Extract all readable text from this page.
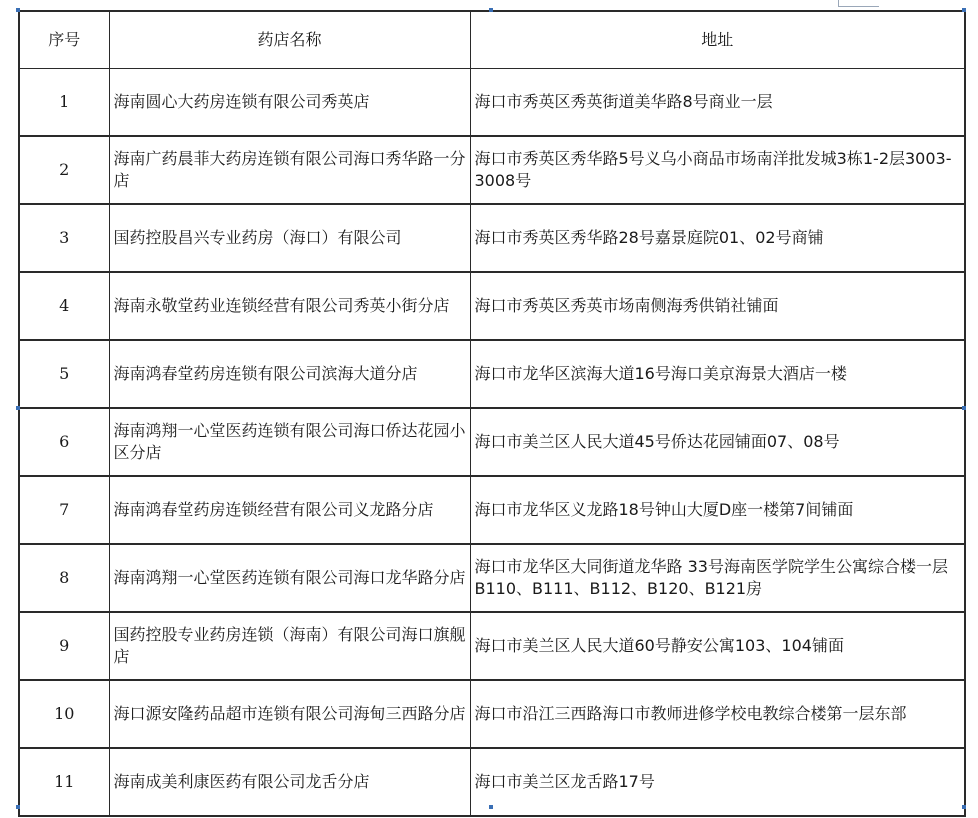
序号	药店名称	地址
1	海南圆心大药房连锁有限公司秀英店	海口市秀英区秀英街道美华路8号商业一层
2	海南广药晨菲大药房连锁有限公司海口秀华路一分店	海口市秀英区秀华路5号义乌小商品市场南洋批发城3栋1-2层3003-3008号
3	国药控股昌兴专业药房（海口）有限公司	海口市秀英区秀华路28号嘉景庭院01、02号商铺
4	海南永敬堂药业连锁经营有限公司秀英小街分店	海口市秀英区秀英市场南侧海秀供销社铺面
5	海南鸿春堂药房连锁有限公司滨海大道分店	海口市龙华区滨海大道16号海口美京海景大酒店一楼
6	海南鸿翔一心堂医药连锁有限公司海口侨达花园小区分店	海口市美兰区人民大道45号侨达花园铺面07、08号
7	海南鸿春堂药房连锁经营有限公司义龙路分店	海口市龙华区义龙路18号钟山大厦D座一楼第7间铺面
8	海南鸿翔一心堂医药连锁有限公司海口龙华路分店	海口市龙华区大同街道龙华路 33号海南医学院学生公寓综合楼一层 B110、B111、B112、B120、B121房
9	国药控股专业药房连锁（海南）有限公司海口旗舰店	海口市美兰区人民大道60号静安公寓103、104铺面
10	海口源安隆药品超市连锁有限公司海甸三西路分店	海口市沿江三西路海口市教师进修学校电教综合楼第一层东部
11	海南成美利康医药有限公司龙舌分店	海口市美兰区龙舌路17号
